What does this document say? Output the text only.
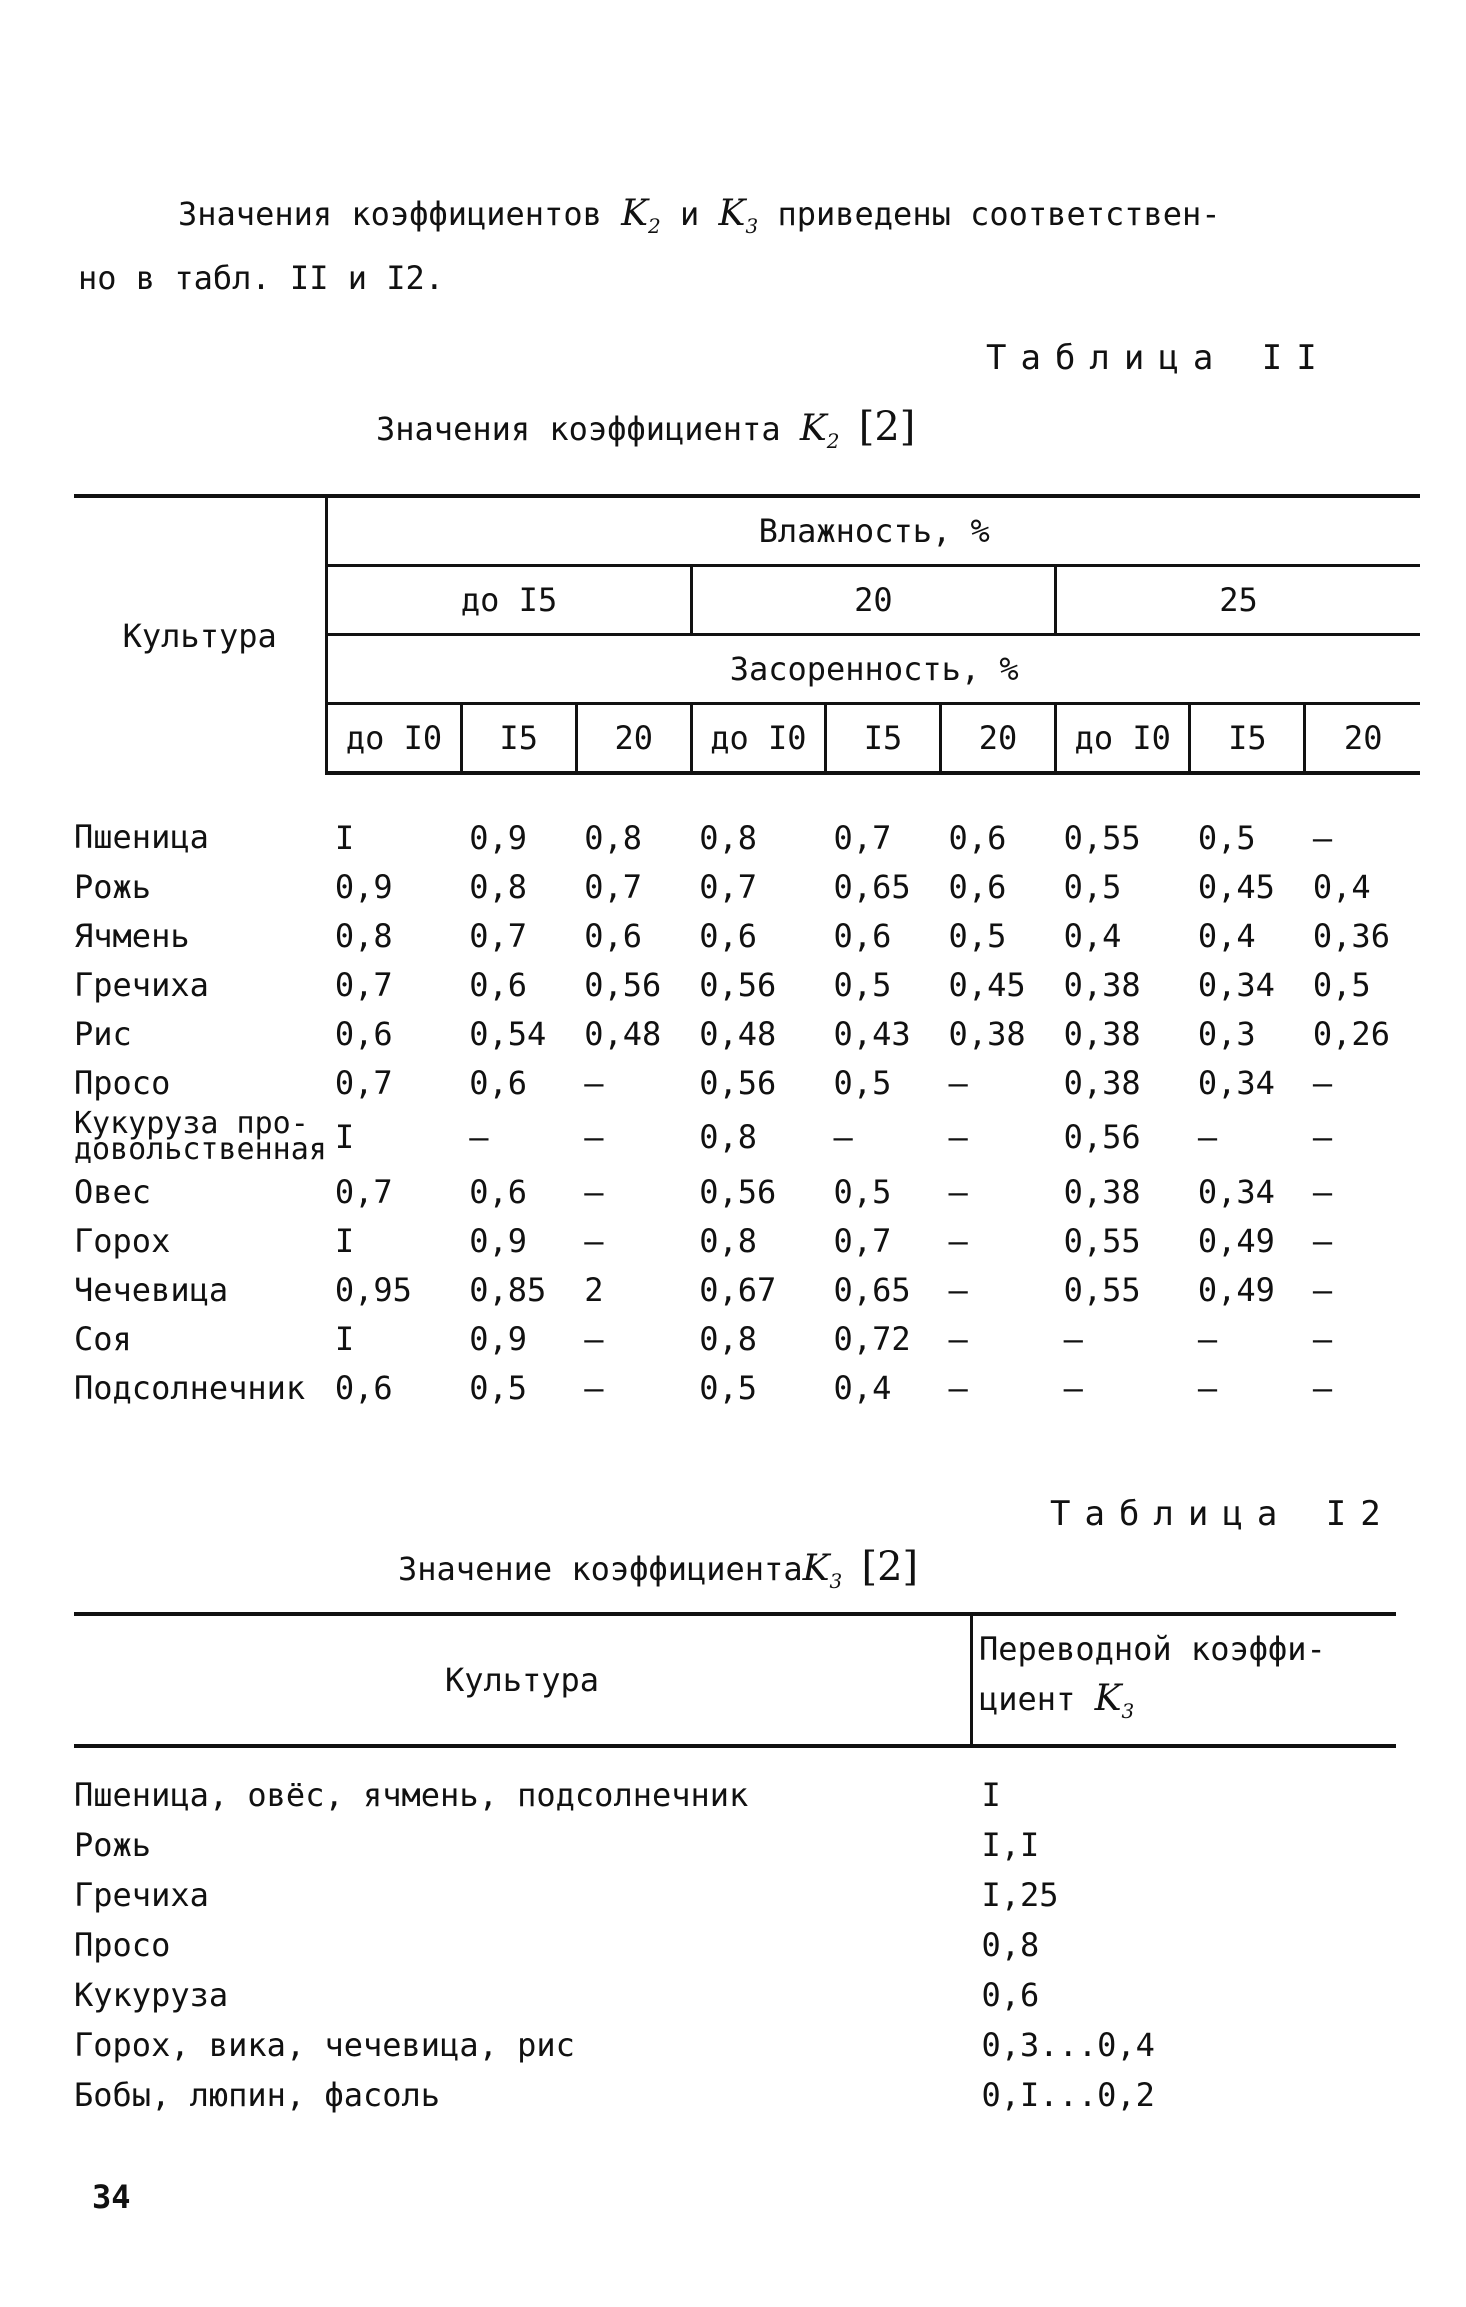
Значения коэффициентов $K_2$ и $K_3$ приведены соответствен-

но в табл. II и I2.

Таблица II
Значения коэффициента $K_2$ [2]
Культура	Влажность, %								
	до I5			20			25		
	Засоренность, %								
	до I0	I5	20	до I0	I5	20	до I0	I5	20
Пшеница	I	0,9	0,8	0,8	0,7	0,6	0,55	0,5	–
Рожь	0,9	0,8	0,7	0,7	0,65	0,6	0,5	0,45	0,4
Ячмень	0,8	0,7	0,6	0,6	0,6	0,5	0,4	0,4	0,36
Гречиха	0,7	0,6	0,56	0,56	0,5	0,45	0,38	0,34	0,5
Рис	0,6	0,54	0,48	0,48	0,43	0,38	0,38	0,3	0,26
Просо	0,7	0,6	–	0,56	0,5	–	0,38	0,34	–
Кукуруза про-
довольственная	I	–	–	0,8	–	–	0,56	–	–
Овес	0,7	0,6	–	0,56	0,5	–	0,38	0,34	–
Горох	I	0,9	–	0,8	0,7	–	0,55	0,49	–
Чечевица	0,95	0,85	2	0,67	0,65	–	0,55	0,49	–
Соя	I	0,9	–	0,8	0,72	–	–	–	–
Подсолнечник	0,6	0,5	–	0,5	0,4	–	–	–	–
Таблица I2
Значение коэффициентаK$_3$ [2]
Культура	Переводной коэффи-
циент $K_3$
Пшеница, овёс, ячмень, подсолнечник	I
Рожь	I,I
Гречиха	I,25
Просо	0,8
Кукуруза	0,6
Горох, вика, чечевица, рис	0,3...0,4
Бобы, люпин, фасоль	0,I...0,2
34
